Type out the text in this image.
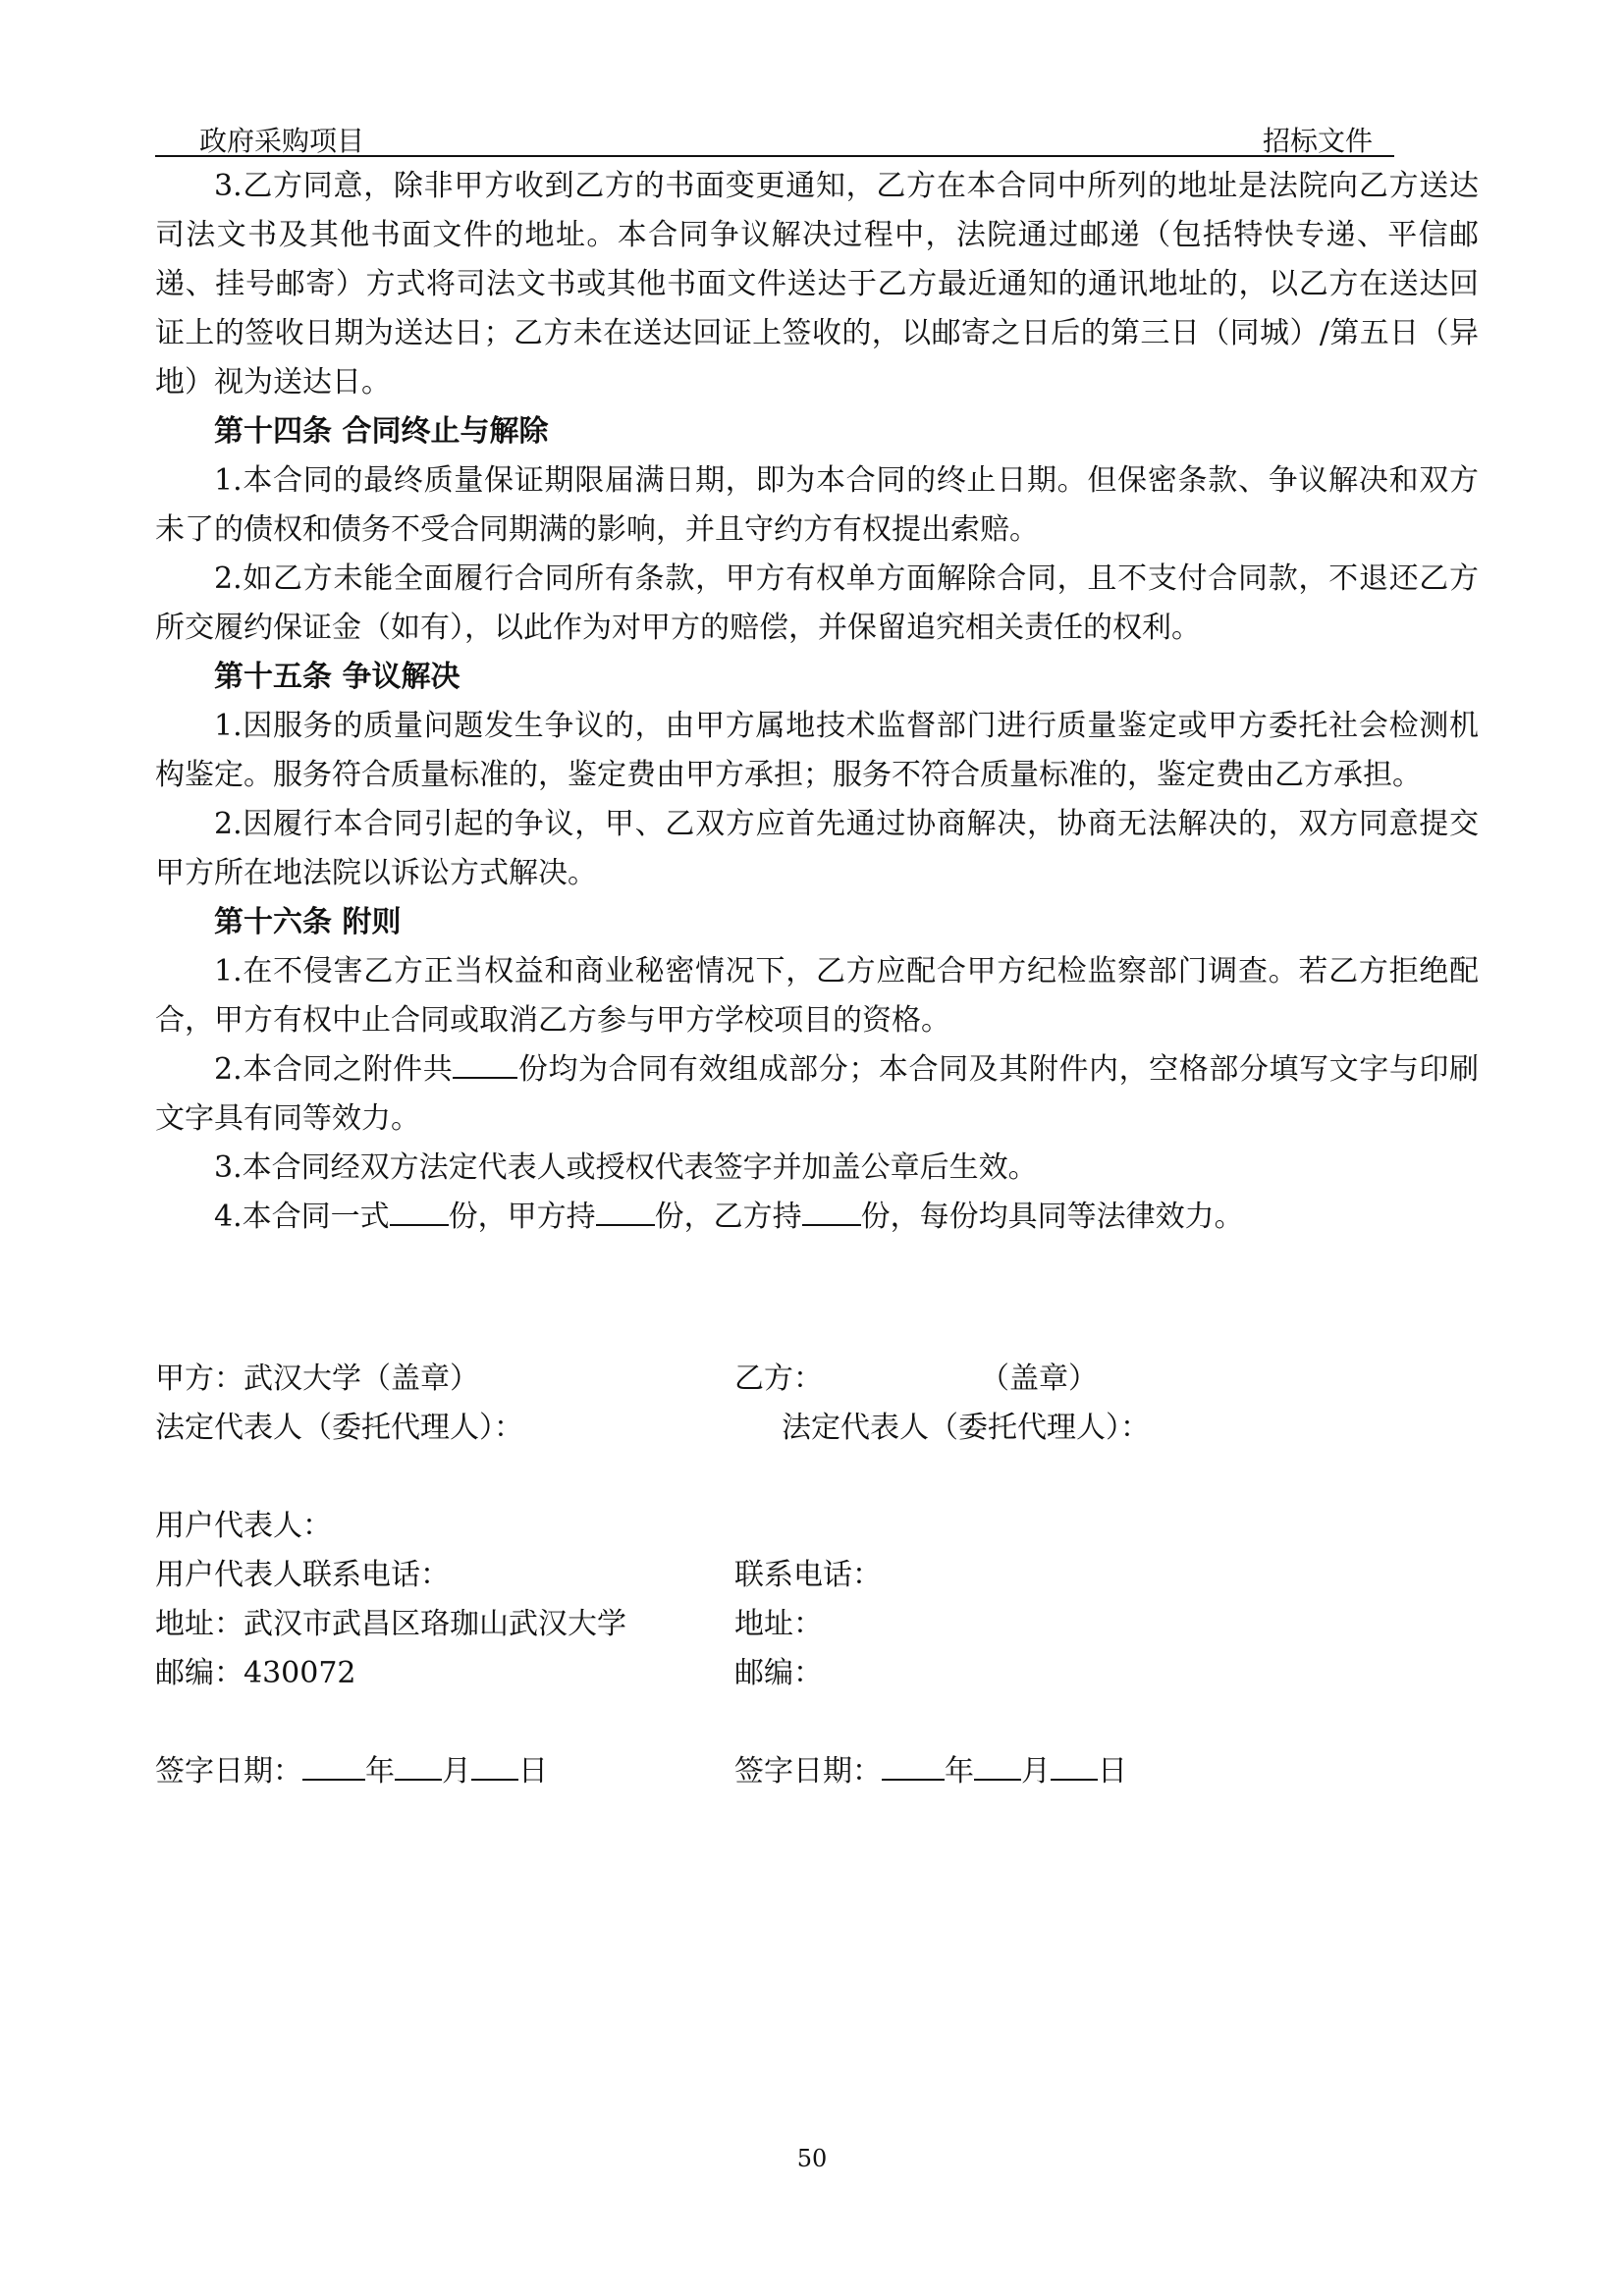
政府采购项目	招标文件

3.乙方同意，除非甲方收到乙方的书面变更通知，乙方在本合同中所列的地址是法院向乙方送达司法文书及其他书面文件的地址。本合同争议解决过程中，法院通过邮递（包括特快专递、平信邮递、挂号邮寄）方式将司法文书或其他书面文件送达于乙方最近通知的通讯地址的，以乙方在送达回证上的签收日期为送达日；乙方未在送达回证上签收的，以邮寄之日后的第三日（同城）/第五日（异地）视为送达日。

第十四条 合同终止与解除

1.本合同的最终质量保证期限届满日期，即为本合同的终止日期。但保密条款、争议解决和双方未了的债权和债务不受合同期满的影响，并且守约方有权提出索赔。

2.如乙方未能全面履行合同所有条款，甲方有权单方面解除合同，且不支付合同款，不退还乙方所交履约保证金（如有），以此作为对甲方的赔偿，并保留追究相关责任的权利。

第十五条 争议解决

1.因服务的质量问题发生争议的，由甲方属地技术监督部门进行质量鉴定或甲方委托社会检测机构鉴定。服务符合质量标准的，鉴定费由甲方承担；服务不符合质量标准的，鉴定费由乙方承担。

2.因履行本合同引起的争议，甲、乙双方应首先通过协商解决，协商无法解决的，双方同意提交甲方所在地法院以诉讼方式解决。

第十六条 附则

1.在不侵害乙方正当权益和商业秘密情况下，乙方应配合甲方纪检监察部门调查。若乙方拒绝配合，甲方有权中止合同或取消乙方参与甲方学校项目的资格。

2.本合同之附件共 份均为合同有效组成部分；本合同及其附件内，空格部分填写文字与印刷文字具有同等效力。

3.本合同经双方法定代表人或授权代表签字并加盖公章后生效。

4.本合同一式 份，甲方持 份，乙方持 份，每份均具同等法律效力。

甲方：武汉大学（盖章）	乙方：	（盖章）
法定代表人（委托代理人）：	法定代表人（委托代理人）：
用户代表人：
用户代表人联系电话：	联系电话：
地址：武汉市武昌区珞珈山武汉大学	地址：
邮编：430072	邮编：
签字日期： 年 月 日	签字日期： 年 月 日
50
